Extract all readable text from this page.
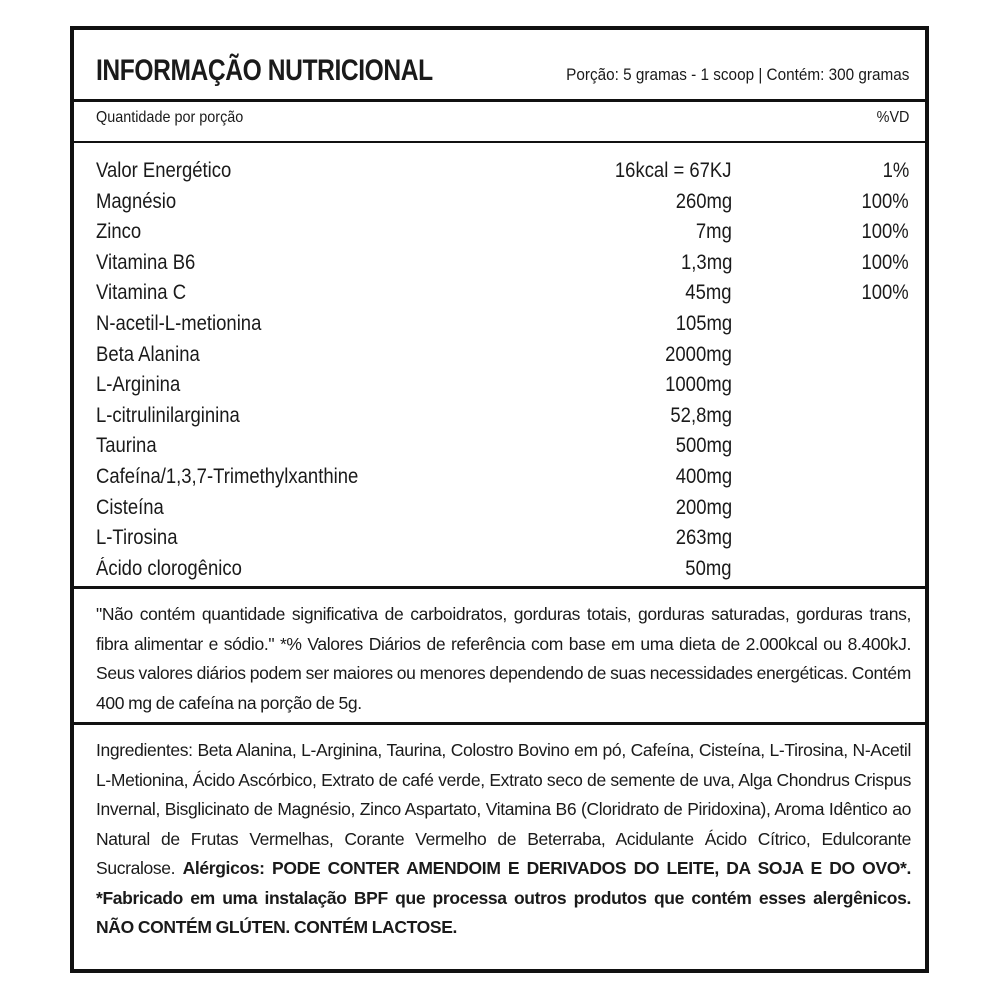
INFORMAÇÃO NUTRICIONAL	Porção: 5 gramas - 1 scoop | Contém: 300 gramas
Quantidade por porção	%VD
Valor Energético	16kcal = 67KJ	1%
Magnésio	260mg	100%
Zinco	7mg	100%
Vitamina B6	1,3mg	100%
Vitamina C	45mg	100%
N-acetil-L-metionina	105mg
Beta Alanina	2000mg
L-Arginina	1000mg
L-citrulinilarginina	52,8mg
Taurina	500mg
Cafeína/1,3,7-Trimethylxanthine	400mg
Cisteína	200mg
L-Tirosina	263mg
Ácido clorogênico	50mg

"Não contém quantidade significativa de carboidratos, gorduras totais, gorduras saturadas, gorduras trans, fibra alimentar e sódio." *% Valores Diários de referência com base em uma dieta de 2.000kcal ou 8.400kJ. Seus valores diários podem ser maiores ou menores dependendo de suas necessidades energéticas. Contém 400 mg de cafeína na porção de 5g.

Ingredientes: Beta Alanina, L-Arginina, Taurina, Colostro Bovino em pó, Cafeína, Cisteína, L-Tirosina, N-Acetil L-Metionina, Ácido Ascórbico, Extrato de café verde, Extrato seco de semente de uva, Alga Chondrus Crispus Invernal, Bisglicinato de Magnésio, Zinco Aspartato, Vitamina B6 (Cloridrato de Piridoxina), Aroma Idêntico ao Natural de Frutas Vermelhas, Corante Vermelho de Beterraba, Acidulante Ácido Cítrico, Edulcorante Sucralose. Alérgicos: PODE CONTER AMENDOIM E DERIVADOS DO LEITE, DA SOJA E DO OVO*. *Fabricado em uma instalação BPF que processa outros produtos que contém esses alergênicos. NÃO CONTÉM GLÚTEN. CONTÉM LACTOSE.
